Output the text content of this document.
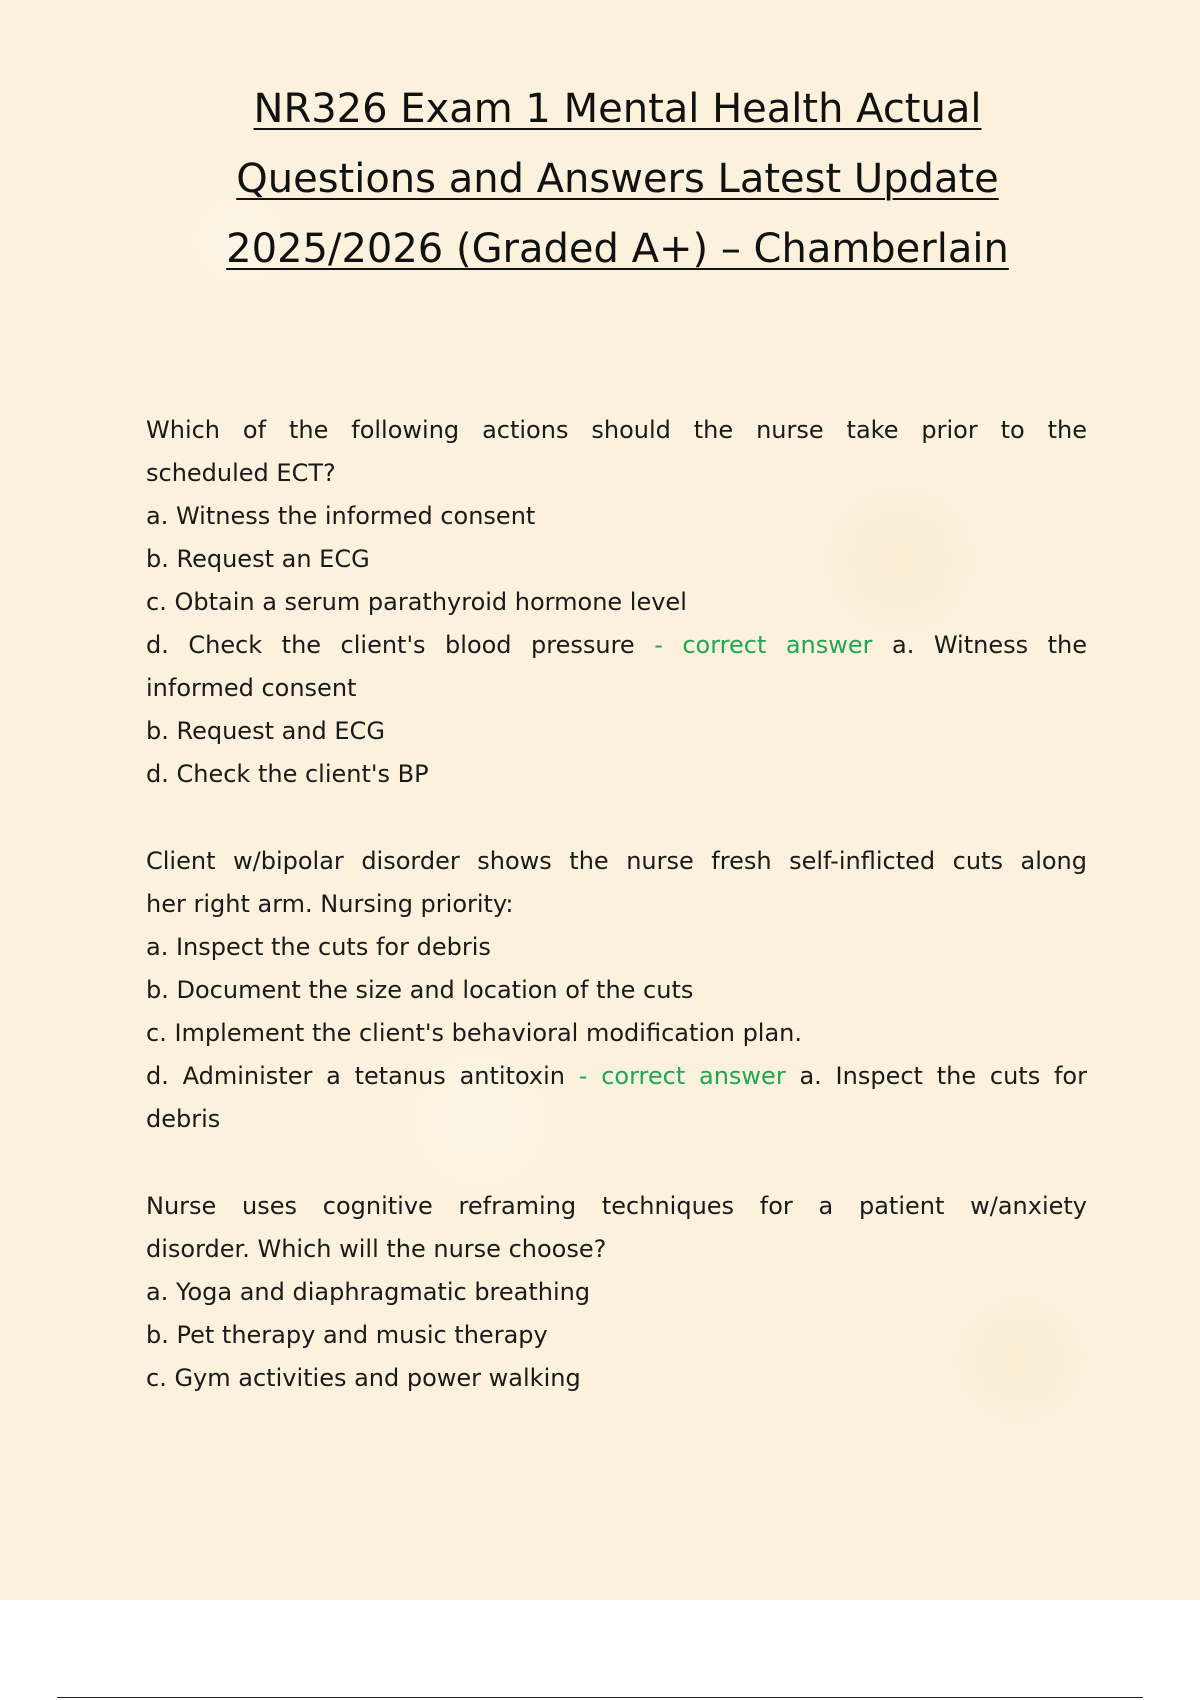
NR326 Exam 1 Mental Health Actual
Questions and Answers Latest Update
2025/2026 (Graded A+) – Chamberlain

Which of the following actions should the nurse take prior to the

scheduled ECT?

a. Witness the informed consent

b. Request an ECG

c. Obtain a serum parathyroid hormone level

d. Check the client's blood pressure - correct answer a. Witness the

informed consent

b. Request and ECG

d. Check the client's BP

Client w/bipolar disorder shows the nurse fresh self-inflicted cuts along

her right arm. Nursing priority:

a. Inspect the cuts for debris

b. Document the size and location of the cuts

c. Implement the client's behavioral modification plan.

d. Administer a tetanus antitoxin - correct answer a. Inspect the cuts for

debris

Nurse uses cognitive reframing techniques for a patient w/anxiety

disorder. Which will the nurse choose?

a. Yoga and diaphragmatic breathing

b. Pet therapy and music therapy

c. Gym activities and power walking
